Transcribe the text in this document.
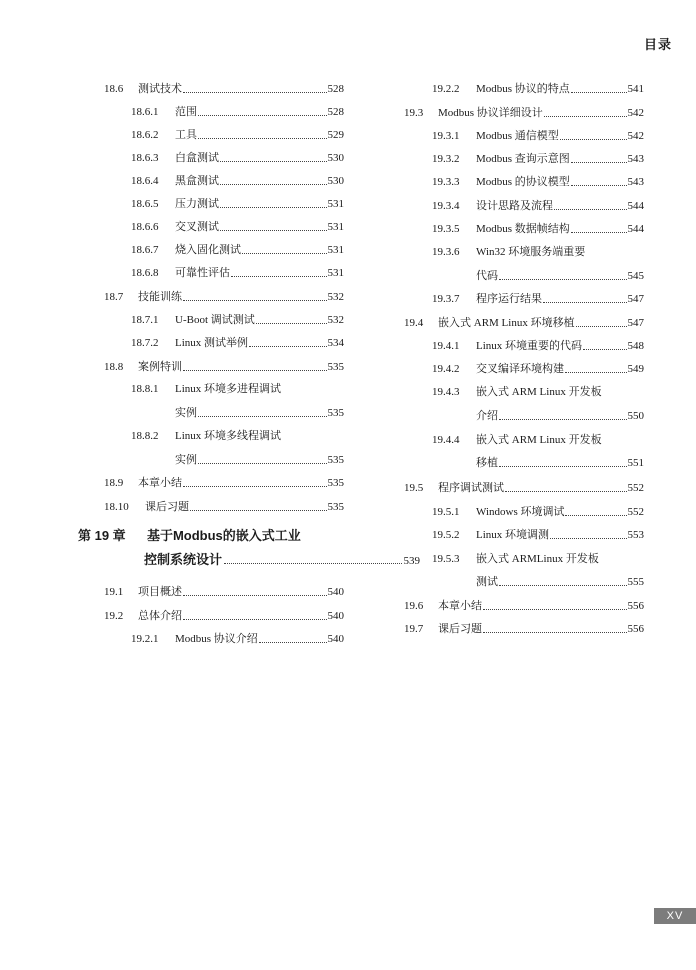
目录
18.6	测试技术	528
18.6.1	范围	528
18.6.2	工具	529
18.6.3	白盒测试	530
18.6.4	黑盒测试	530
18.6.5	压力测试	531
18.6.6	交叉测试	531
18.6.7	烧入固化测试	531
18.6.8	可靠性评估	531
18.7	技能训练	532
18.7.1	U-Boot 调试测试	532
18.7.2	Linux 测试举例	534
18.8	案例特训	535
18.8.1	Linux 环境多进程调试
实例	535
18.8.2	Linux 环境多线程调试
实例	535
18.9	本章小结	535
18.10	课后习题	535
19.1	项目概述	540
19.2	总体介绍	540
19.2.1	Modbus 协议介绍	540
19.2.2	Modbus 协议的特点	541
19.3	Modbus 协议详细设计	542
19.3.1	Modbus 通信模型	542
19.3.2	Modbus 查询示意图	543
19.3.3	Modbus 的协议模型	543
19.3.4	设计思路及流程	544
19.3.5	Modbus 数据帧结构	544
19.3.6	Win32 环境服务端重要
代码	545
19.3.7	程序运行结果	547
19.4	嵌入式 ARM Linux 环境移植	547
19.4.1	Linux 环境重要的代码	548
19.4.2	交叉编译环境构建	549
19.4.3	嵌入式 ARM Linux 开发板
介绍	550
19.4.4	嵌入式 ARM Linux 开发板
移植	551
19.5	程序调试测试	552
19.5.1	Windows 环境调试	552
19.5.2	Linux 环境调测	553
19.5.3	嵌入式 ARMLinux 开发板
测试	555
19.6	本章小结	556
19.7	课后习题	556
第 19 章 基于Modbus的嵌入式工业
控制系统设计	539
XV
